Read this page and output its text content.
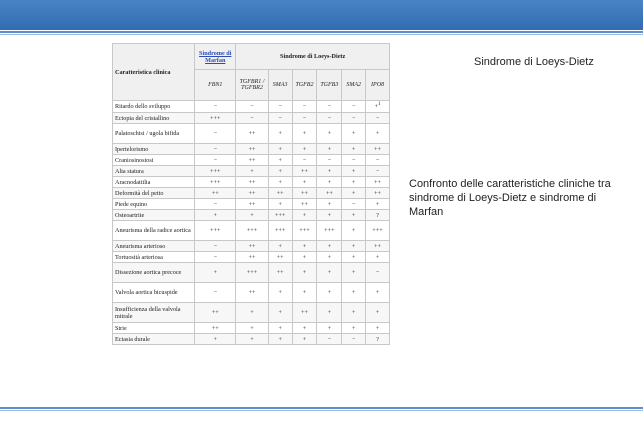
Caratteristica clinica	Sindrome di Marfan	Sindrome di Loeys-Dietz					
	FBN1	TGFBR1 / TGFBR2	SMA3	TGFB2	TGFB3	SMA2	IPO8
Ritardo dello sviluppo	−	−	−	−	−	−	+$^1$
Ectopia del cristallino	+++	−	−	−	−	−	−
Palatoschisi / ugola bifida	−	++	+	+	+	+	+
Ipertelorismo	−	++	+	+	+	+	++
Craniosinostosi	−	++	+	−	−	−	−
Alta statura	+++	+	+	++	+	+	−
Aracnodattilia	+++	++	+	+	+	+	++
Deformità del petto	++	++	++	++	++	+	++
Piede equino	−	++	+	++	+	−	+
Osteoartrite	+	+	+++	+	+	+	?
Aneurisma della radice aortica	+++	+++	+++	+++	+++	+	+++
Aneurisma arterioso	−	++	+	+	+	+	++
Tortuosità arteriosa	−	++	++	+	+	+	+
Dissezione aortica precoce	+	+++	++	+	+	+	−
Valvola aortica bicuspide	−	++	+	+	+	+	+
Insufficienza della valvola mitrale	++	+	+	++	+	+	+
Strie	++	+	+	+	+	+	+
Ectasia durale	+	+	+	+	−	−	?
Sindrome di Loeys-Dietz
Confronto delle caratteristiche cliniche tra sindrome di Loeys-Dietz e sindrome di Marfan
